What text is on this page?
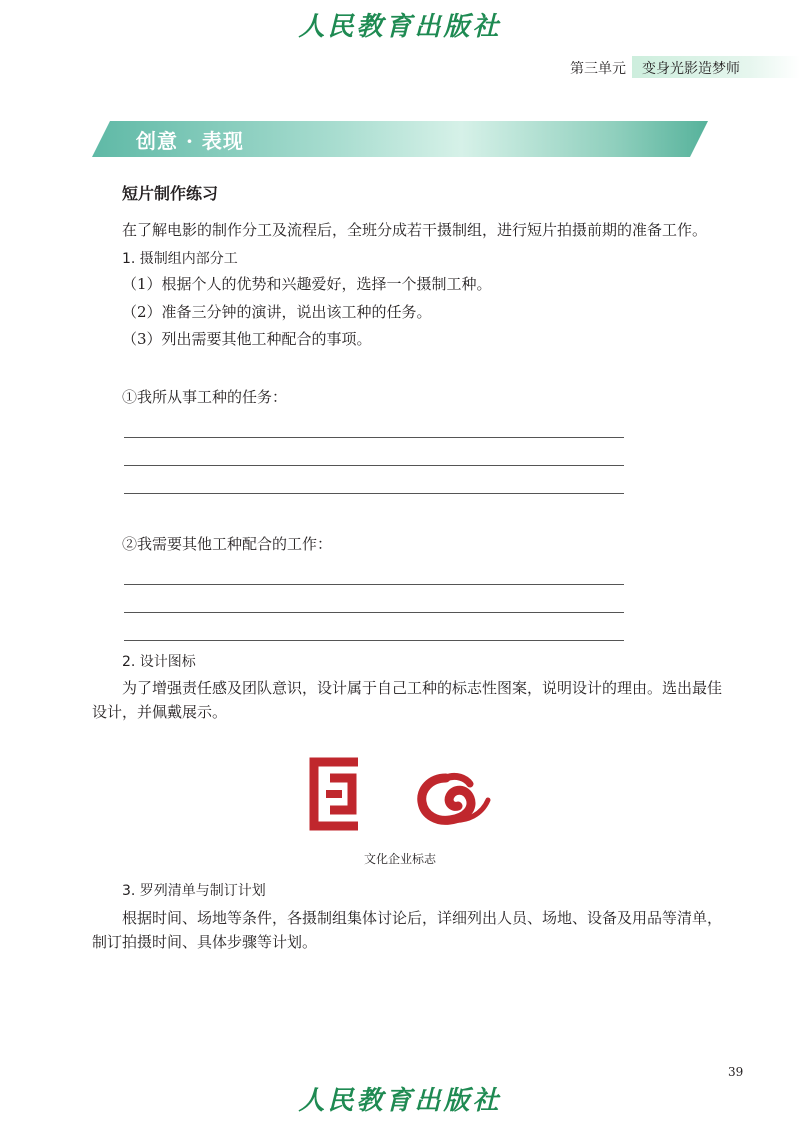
人民教育出版社
第三单元 变身光影造梦师
创意 · 表现
短片制作练习
在了解电影的制作分工及流程后，全班分成若干摄制组，进行短片拍摄前期的准备工作。
1. 摄制组内部分工
（1）根据个人的优势和兴趣爱好，选择一个摄制工种。
（2）准备三分钟的演讲，说出该工种的任务。
（3）列出需要其他工种配合的事项。
①我所从事工种的任务：
②我需要其他工种配合的工作：
2. 设计图标
为了增强责任感及团队意识，设计属于自己工种的标志性图案，说明设计的理由。选出最佳设计，并佩戴展示。
文化企业标志
3. 罗列清单与制订计划
根据时间、场地等条件，各摄制组集体讨论后，详细列出人员、场地、设备及用品等清单，制订拍摄时间、具体步骤等计划。
39
人民教育出版社
